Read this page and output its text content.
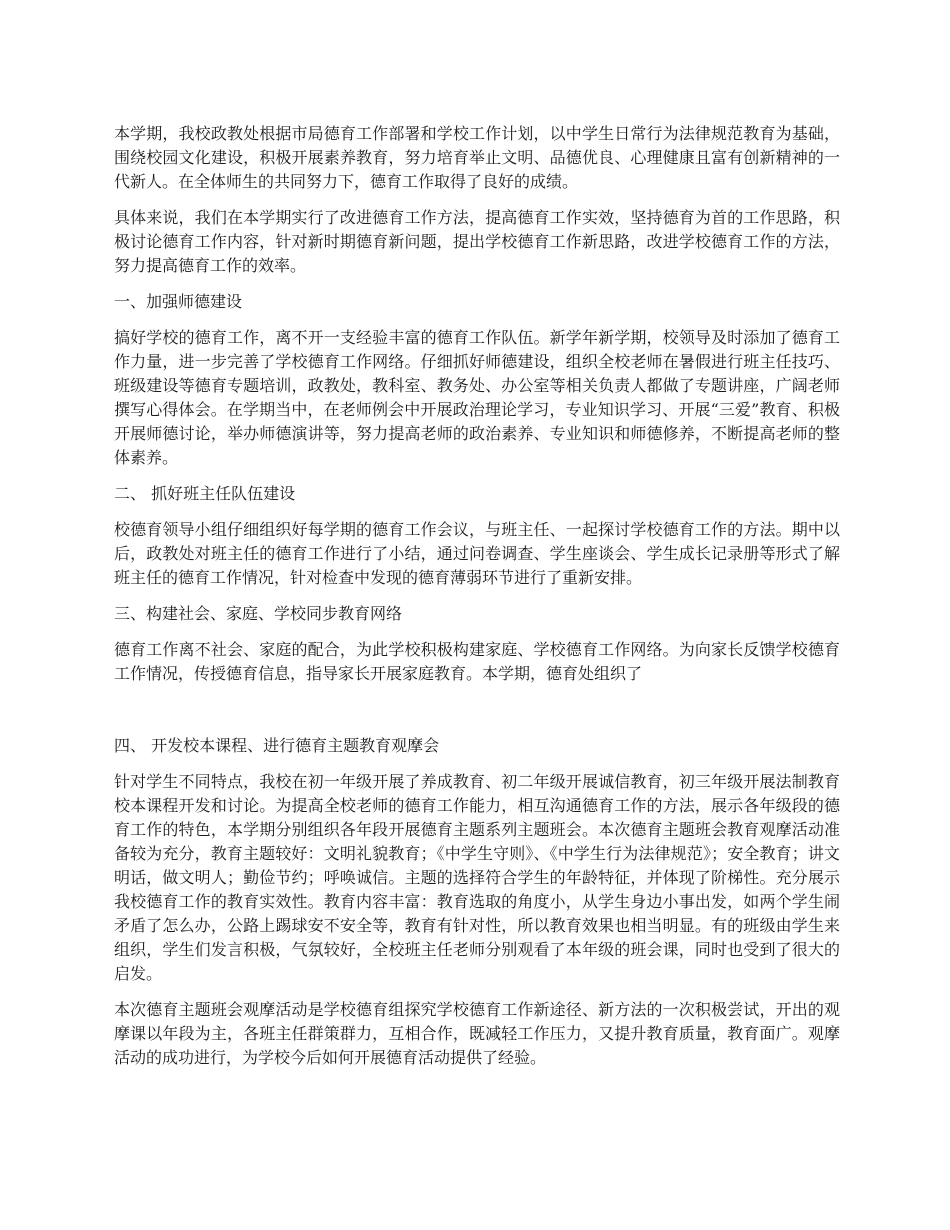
本学期，我校政教处根据市局德育工作部署和学校工作计划，以中学生日常行为法律规范教育为基础，围绕校园文化建设，积极开展素养教育，努力培育举止文明、品德优良、心理健康且富有创新精神的一代新人。在全体师生的共同努力下，德育工作取得了良好的成绩。

具体来说，我们在本学期实行了改进德育工作方法，提高德育工作实效，坚持德育为首的工作思路，积极讨论德育工作内容，针对新时期德育新问题，提出学校德育工作新思路，改进学校德育工作的方法，努力提高德育工作的效率。

一、加强师德建设

搞好学校的德育工作，离不开一支经验丰富的德育工作队伍。新学年新学期，校领导及时添加了德育工作力量，进一步完善了学校德育工作网络。仔细抓好师德建设，组织全校老师在暑假进行班主任技巧、班级建设等德育专题培训，政教处，教科室、教务处、办公室等相关负责人都做了专题讲座，广阔老师撰写心得体会。在学期当中，在老师例会中开展政治理论学习，专业知识学习、开展“三爱”教育、积极开展师德讨论，举办师德演讲等，努力提高老师的政治素养、专业知识和师德修养，不断提高老师的整体素养。

二、 抓好班主任队伍建设

校德育领导小组仔细组织好每学期的德育工作会议，与班主任、一起探讨学校德育工作的方法。期中以后，政教处对班主任的德育工作进行了小结，通过问卷调查、学生座谈会、学生成长记录册等形式了解班主任的德育工作情况，针对检查中发现的德育薄弱环节进行了重新安排。

三、构建社会、家庭、学校同步教育网络

德育工作离不社会、家庭的配合，为此学校积极构建家庭、学校德育工作网络。为向家长反馈学校德育工作情况，传授德育信息，指导家长开展家庭教育。本学期，德育处组织了

四、 开发校本课程、进行德育主题教育观摩会

针对学生不同特点，我校在初一年级开展了养成教育、初二年级开展诚信教育，初三年级开展法制教育校本课程开发和讨论。为提高全校老师的德育工作能力，相互沟通德育工作的方法，展示各年级段的德育工作的特色，本学期分别组织各年段开展德育主题系列主题班会。本次德育主题班会教育观摩活动准备较为充分，教育主题较好：文明礼貌教育；《中学生守则》、《中学生行为法律规范》；安全教育；讲文明话，做文明人；勤俭节约；呼唤诚信。主题的选择符合学生的年龄特征，并体现了阶梯性。充分展示我校德育工作的教育实效性。教育内容丰富：教育选取的角度小，从学生身边小事出发，如两个学生闹矛盾了怎么办，公路上踢球安不安全等，教育有针对性，所以教育效果也相当明显。有的班级由学生来组织，学生们发言积极，气氛较好，全校班主任老师分别观看了本年级的班会课，同时也受到了很大的启发。

本次德育主题班会观摩活动是学校德育组探究学校德育工作新途径、新方法的一次积极尝试，开出的观摩课以年段为主，各班主任群策群力，互相合作，既减轻工作压力，又提升教育质量，教育面广。观摩活动的成功进行，为学校今后如何开展德育活动提供了经验。
